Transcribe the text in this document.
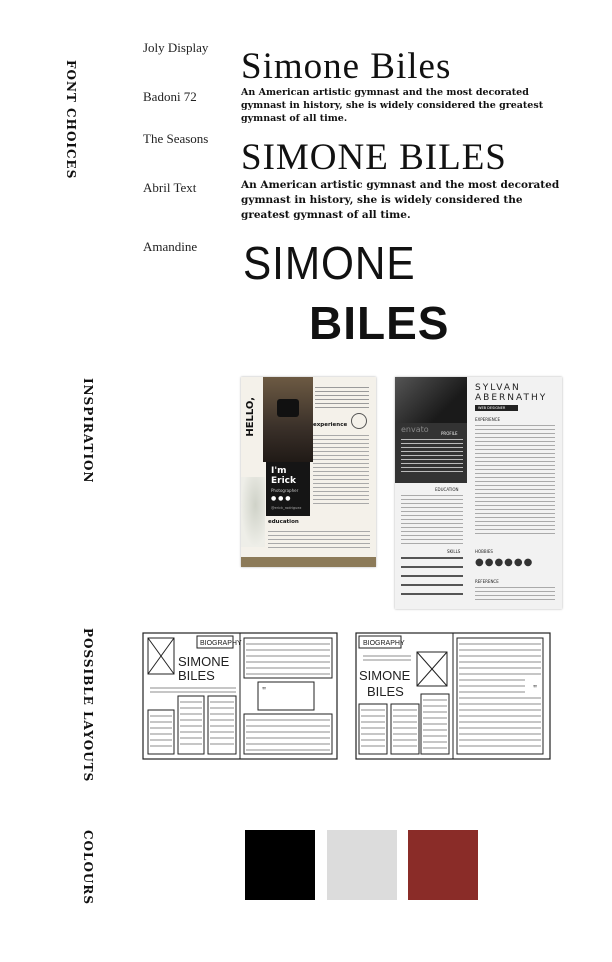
FONT CHOICES
INSPIRATION
POSSIBLE LAYOUTS
COLOURS
Joly Display
Badoni 72
The Seasons
Abril Text
Amandine
Simone Biles
An American artistic gymnast and the most decorated gymnast in history, she is widely considered the greatest gymnast of all time.
SIMONE BILES
An American artistic gymnast and the most decorated gymnast in history, she is widely considered the greatest gymnast of all time.
SIMONE
BILES
HELLO,
I'm
Erick
Photographer
● ● ●
@erick_rodriguez
experience
education
SYLVAN
ABERNATHY
WEB DESIGNER
envato	PROFILE
EDUCATION
SKILLS
EXPERIENCE
HOBBIES
●●●●●●
REFERENCE
BIOGRAPHY
SIMONE
BILES
"
BIOGRAPHY
SIMONE
BILES	"
